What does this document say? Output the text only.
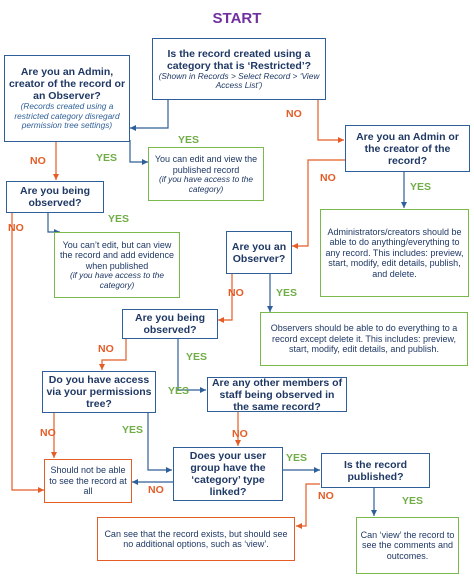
START
Is the record created using a category that is ‘Restricted’?
(Shown in Records > Select Record > ‘View Access List’)
Are you an Admin, creator of the record or an Observer?
(Records created using a restricted category disregard permission tree settings)
You can edit and view the published record
(if you have access to the category)
Are you an Admin or the creator of the record?
Are you being observed?
You can’t edit, but can view the record and add evidence when published
(if you have access to the category)
Administrators/creators should be able to do anything/everything to any record. This includes: preview, start, modify, edit details, publish, and delete.
Are you an Observer?
Are you being observed?	Observers should be able to do everything to a record except delete it. This includes: preview, start, modify, edit details, and publish.
Do you have access via your permissions tree?
Are any other members of staff being observed in the same record?
Should not be able to see the record at all
Does your user group have the ‘category’ type linked?
Is the record published?
Can see that the record exists, but should see no additional options, such as ‘view’.
Can ‘view’ the record to see the comments and outcomes.
YES
NO
YES
NO
YES
NO
YES
NO
NO	YES
YES
NO
YES
NO	YES	NO
YES
NO
YES
NO
